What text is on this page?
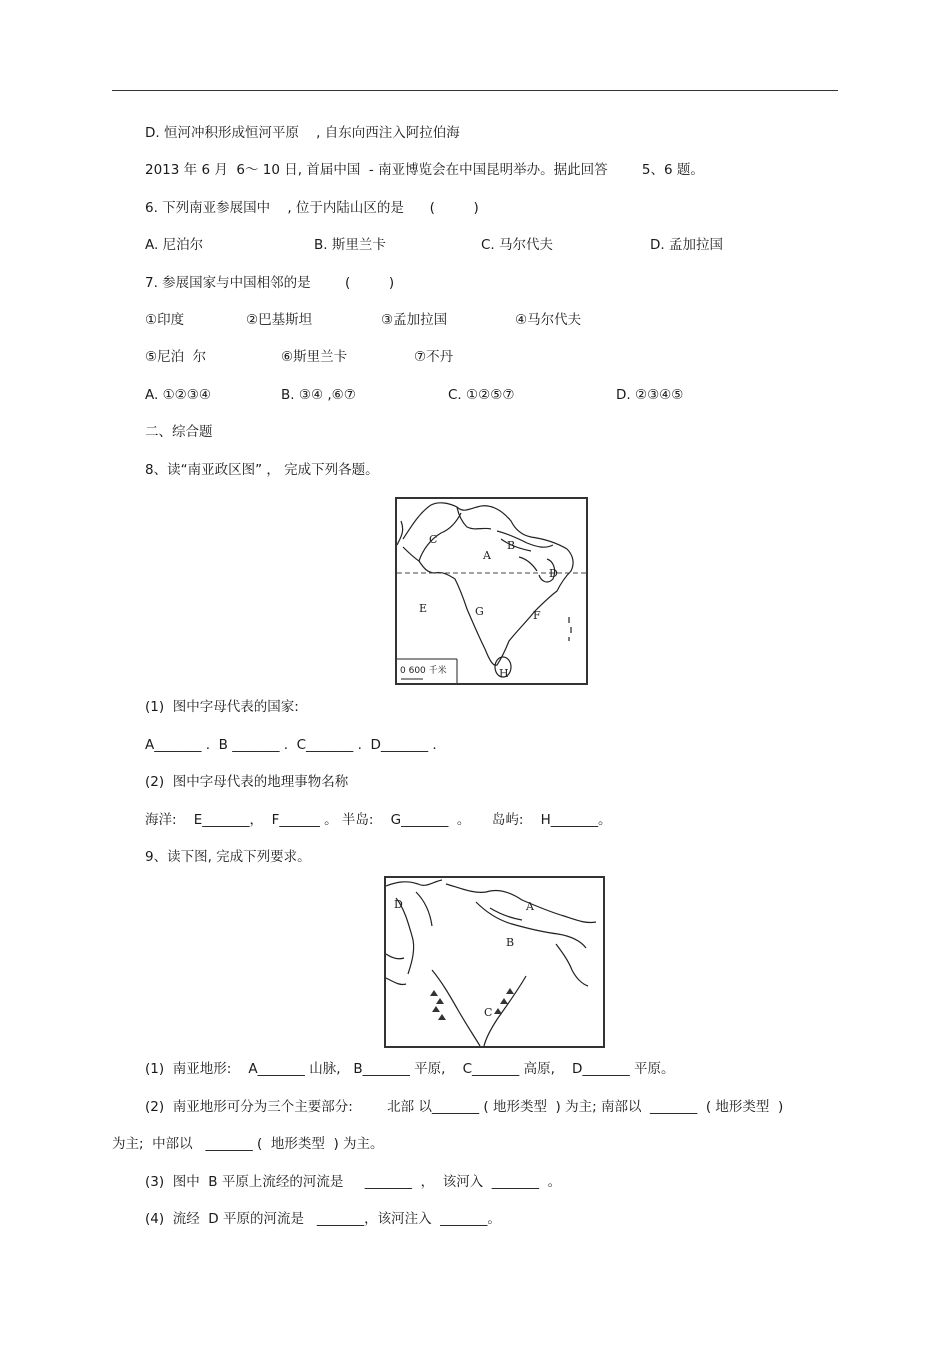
D. 恒河冲积形成恒河平原    , 自东向西注入阿拉伯海
2013 年 6 月  6～ 10 日, 首届中国  - 南亚博览会在中国昆明举办。据此回答        5、6 题。
6. 下列南亚参展国中    , 位于内陆山区的是      (         )
A. 尼泊尔	B. 斯里兰卡	C. 马尔代夫	D. 孟加拉国
7. 参展国家与中国相邻的是        (         )
①印度	②巴基斯坦	③孟加拉国	④马尔代夫
⑤尼泊  尔	⑥斯里兰卡	⑦不丹
A. ①②③④	B. ③④ ,⑥⑦	C. ①②⑤⑦	D. ②③④⑤
二、综合题
8、读“南亚政区图” ， 完成下列各题。
A
B
C
D
E
F
G
H
0 600 千米
(1)  图中字母代表的国家:
A_______ .  B _______ .  C_______ .  D_______ .
(2)  图中字母代表的地理事物名称
海洋:    E_______，  F______ 。 半岛:    G_______  。     岛屿:    H_______。
9、读下图, 完成下列要求。
A
B
C
D
(1)  南亚地形:    A_______ 山脉,   B_______ 平原,    C_______ 高原,    D_______ 平原。
(2)  南亚地形可分为三个主要部分:        北部 以_______ ( 地形类型  ) 为主; 南部以  _______  ( 地形类型  )
为主;  中部以   _______ (  地形类型  ) 为主。
(3)  图中  B 平原上流经的河流是     _______  ，  该河入  _______  。
(4)  流经  D 平原的河流是   _______，该河注入  _______。
